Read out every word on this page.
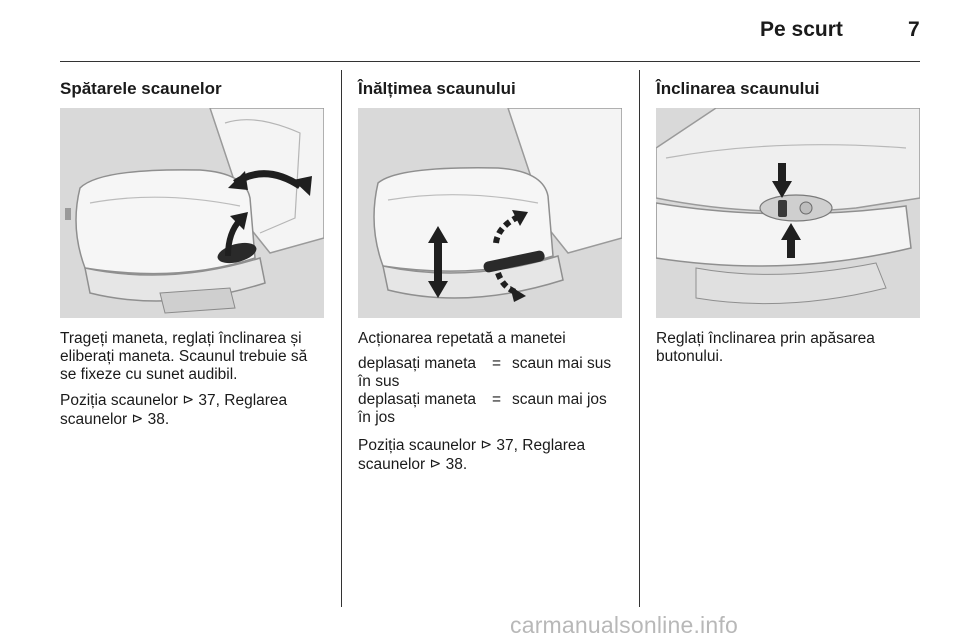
Pe scurt	7
Spătarele scaunelor

Trageți maneta, reglați înclinarea și eliberați maneta. Scaunul trebuie să se fixeze cu sunet audibil.

Poziția scaunelor ⊳ 37, Reglarea scaunelor ⊳ 38.

Înălțimea scaunului

Acționarea repetată a manetei

deplasați maneta în sus	=	scaun mai sus
deplasați maneta în jos	=	scaun mai jos

Poziția scaunelor ⊳ 37, Reglarea scaunelor ⊳ 38.

Înclinarea scaunului

Reglați înclinarea prin apăsarea butonului.

carmanualsonline.info
